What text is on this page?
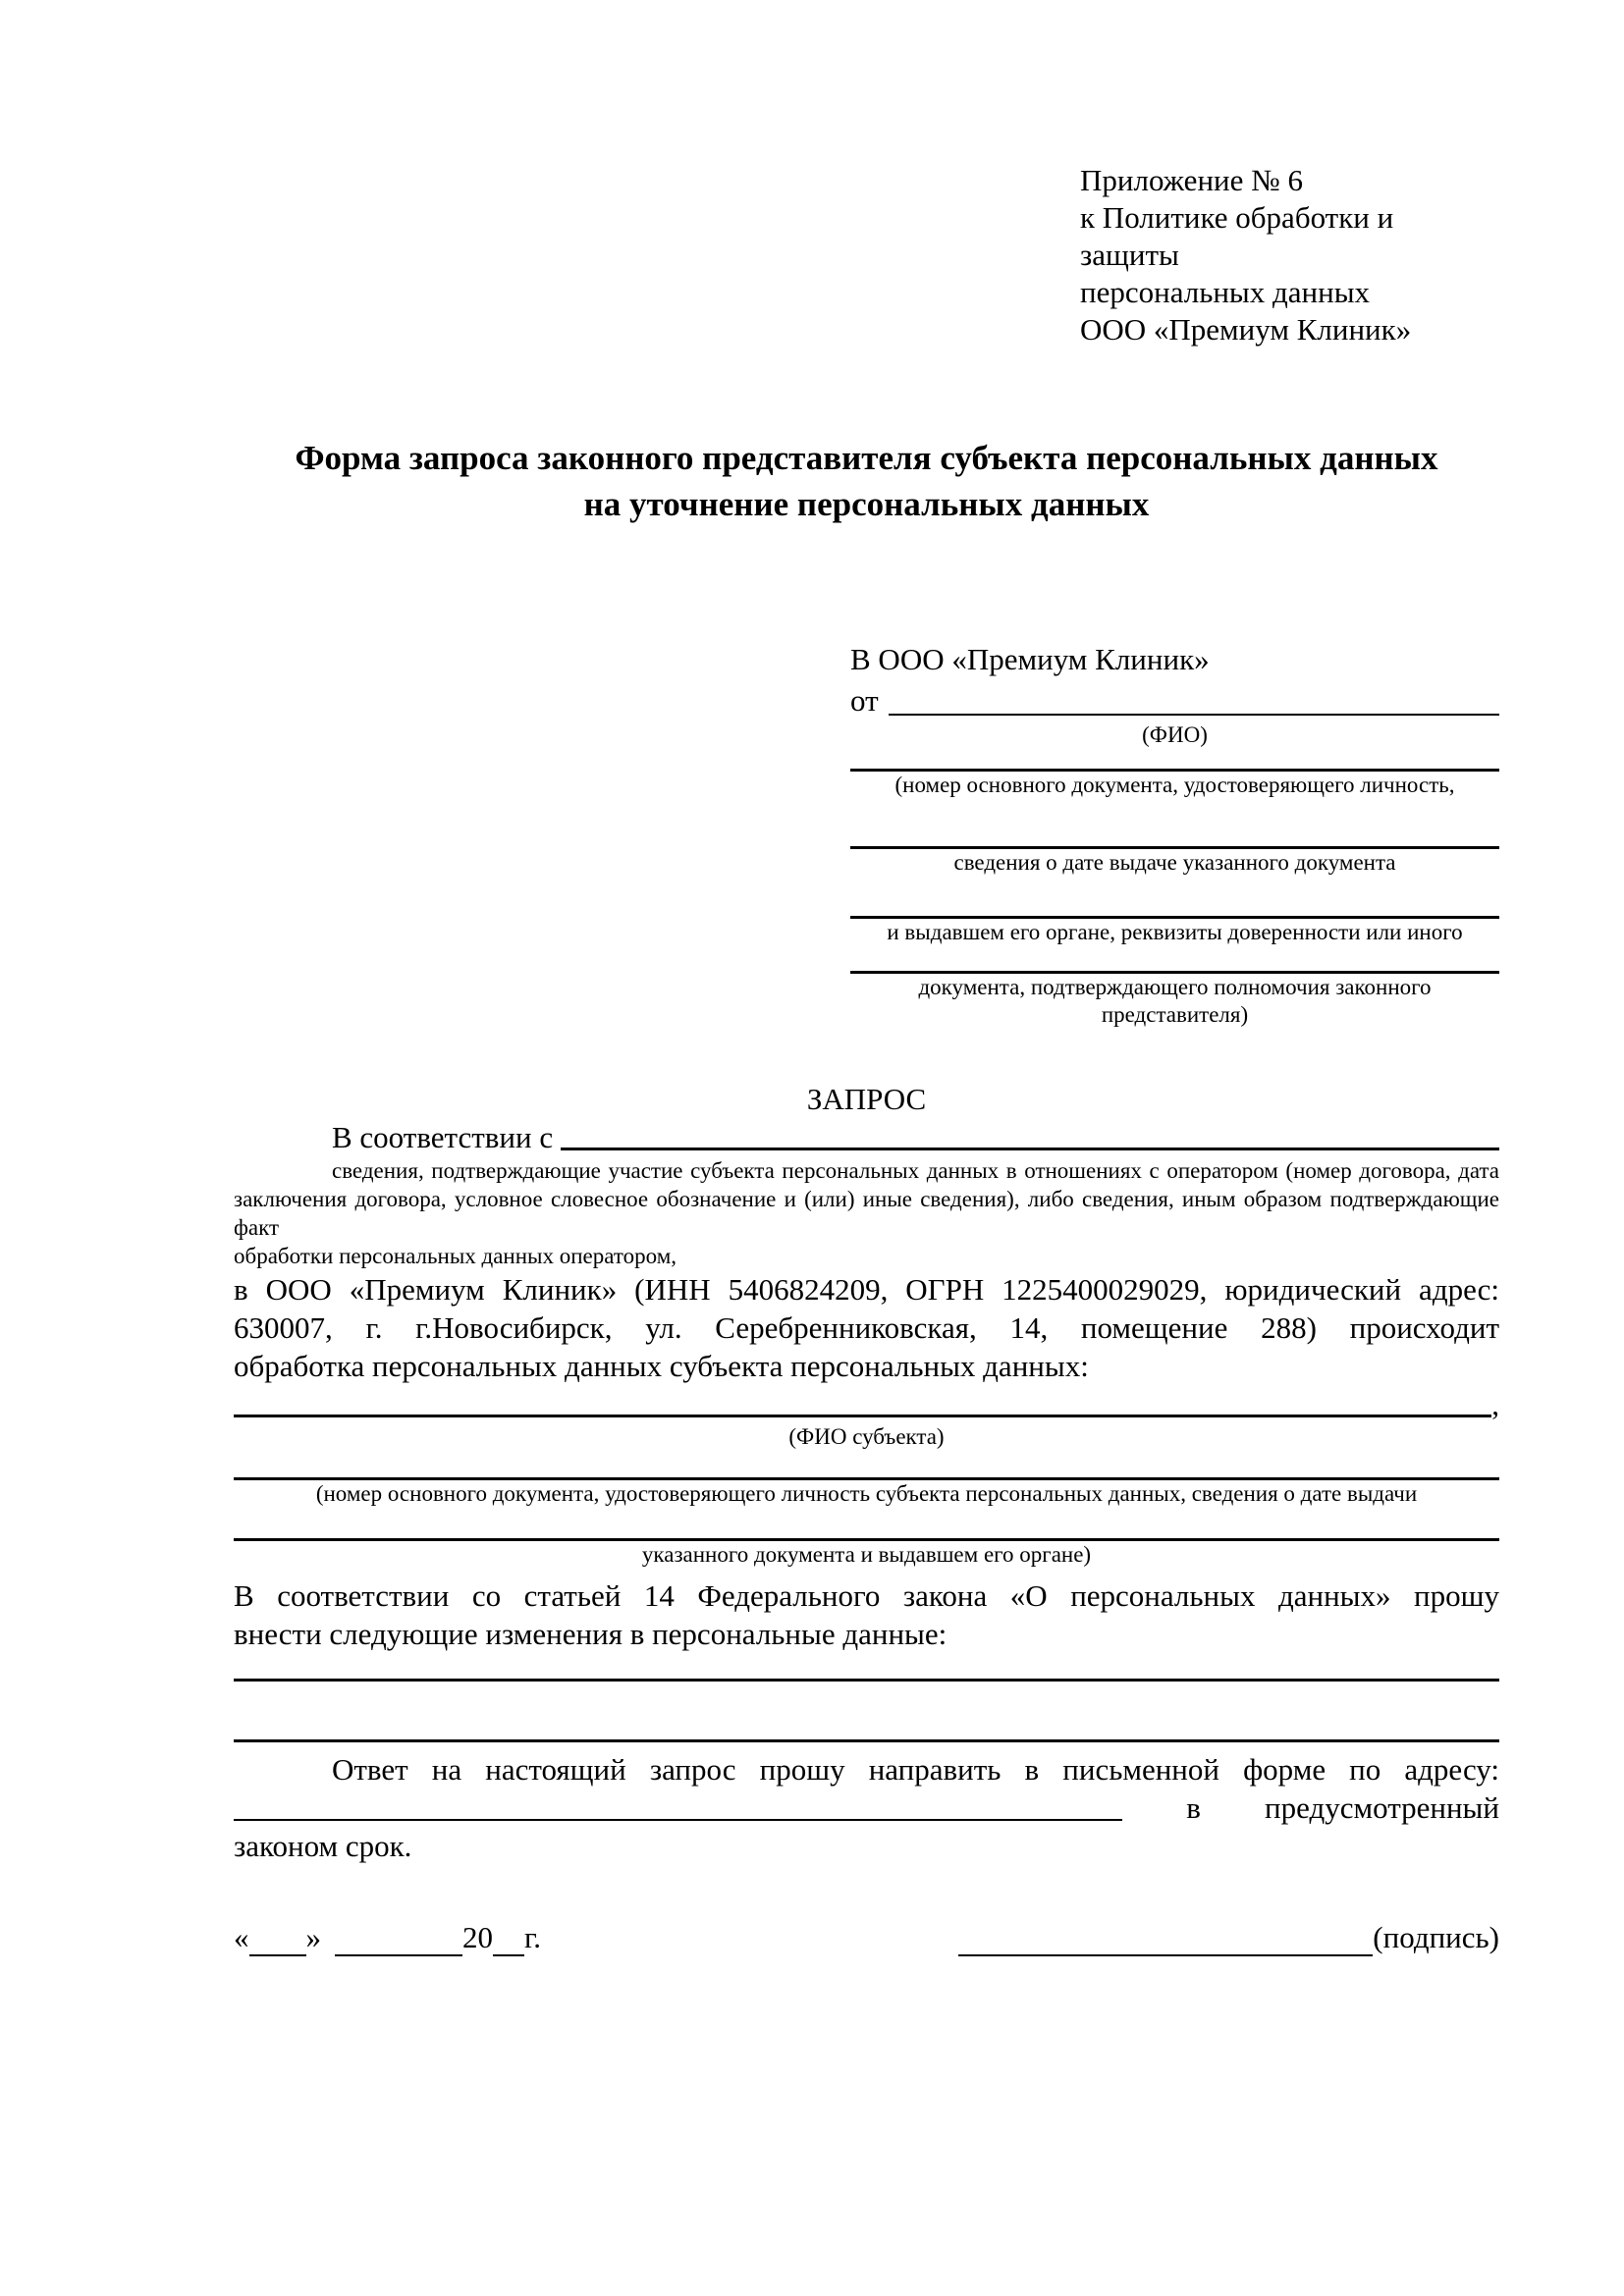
Приложение № 6
к Политике обработки и защиты
персональных данных
ООО «Премиум Клиник»
Форма запроса законного представителя субъекта персональных данных
на уточнение персональных данных
В ООО «Премиум Клиник»
от
(ФИО)
(номер основного документа, удостоверяющего личность,
сведения о дате выдаче указанного документа
и выдавшем его органе, реквизиты доверенности или иного
документа, подтверждающего полномочия законного представителя)
ЗАПРОС
В соответствии с
сведения, подтверждающие участие субъекта персональных данных в отношениях с оператором (номер договора, дата
заключения договора, условное словесное обозначение и (или) иные сведения), либо сведения, иным образом подтверждающие факт
обработки персональных данных оператором,
в ООО «Премиум Клиник» (ИНН 5406824209, ОГРН 1225400029029, юридический адрес:
630007, г. г.Новосибирск, ул. Серебренниковская, 14, помещение 288) происходит
обработка персональных данных субъекта персональных данных:
,
(ФИО субъекта)
(номер основного документа, удостоверяющего личность субъекта персональных данных, сведения о дате выдачи
указанного документа и выдавшем его органе)
В соответствии со статьей 14 Федерального закона «О персональных данных» прошу
внести следующие изменения в персональные данные:
Ответ на настоящий запрос прошу направить в письменной форме по адресу:
в предусмотренный
законом срок.
« »	20 г.	(подпись)
